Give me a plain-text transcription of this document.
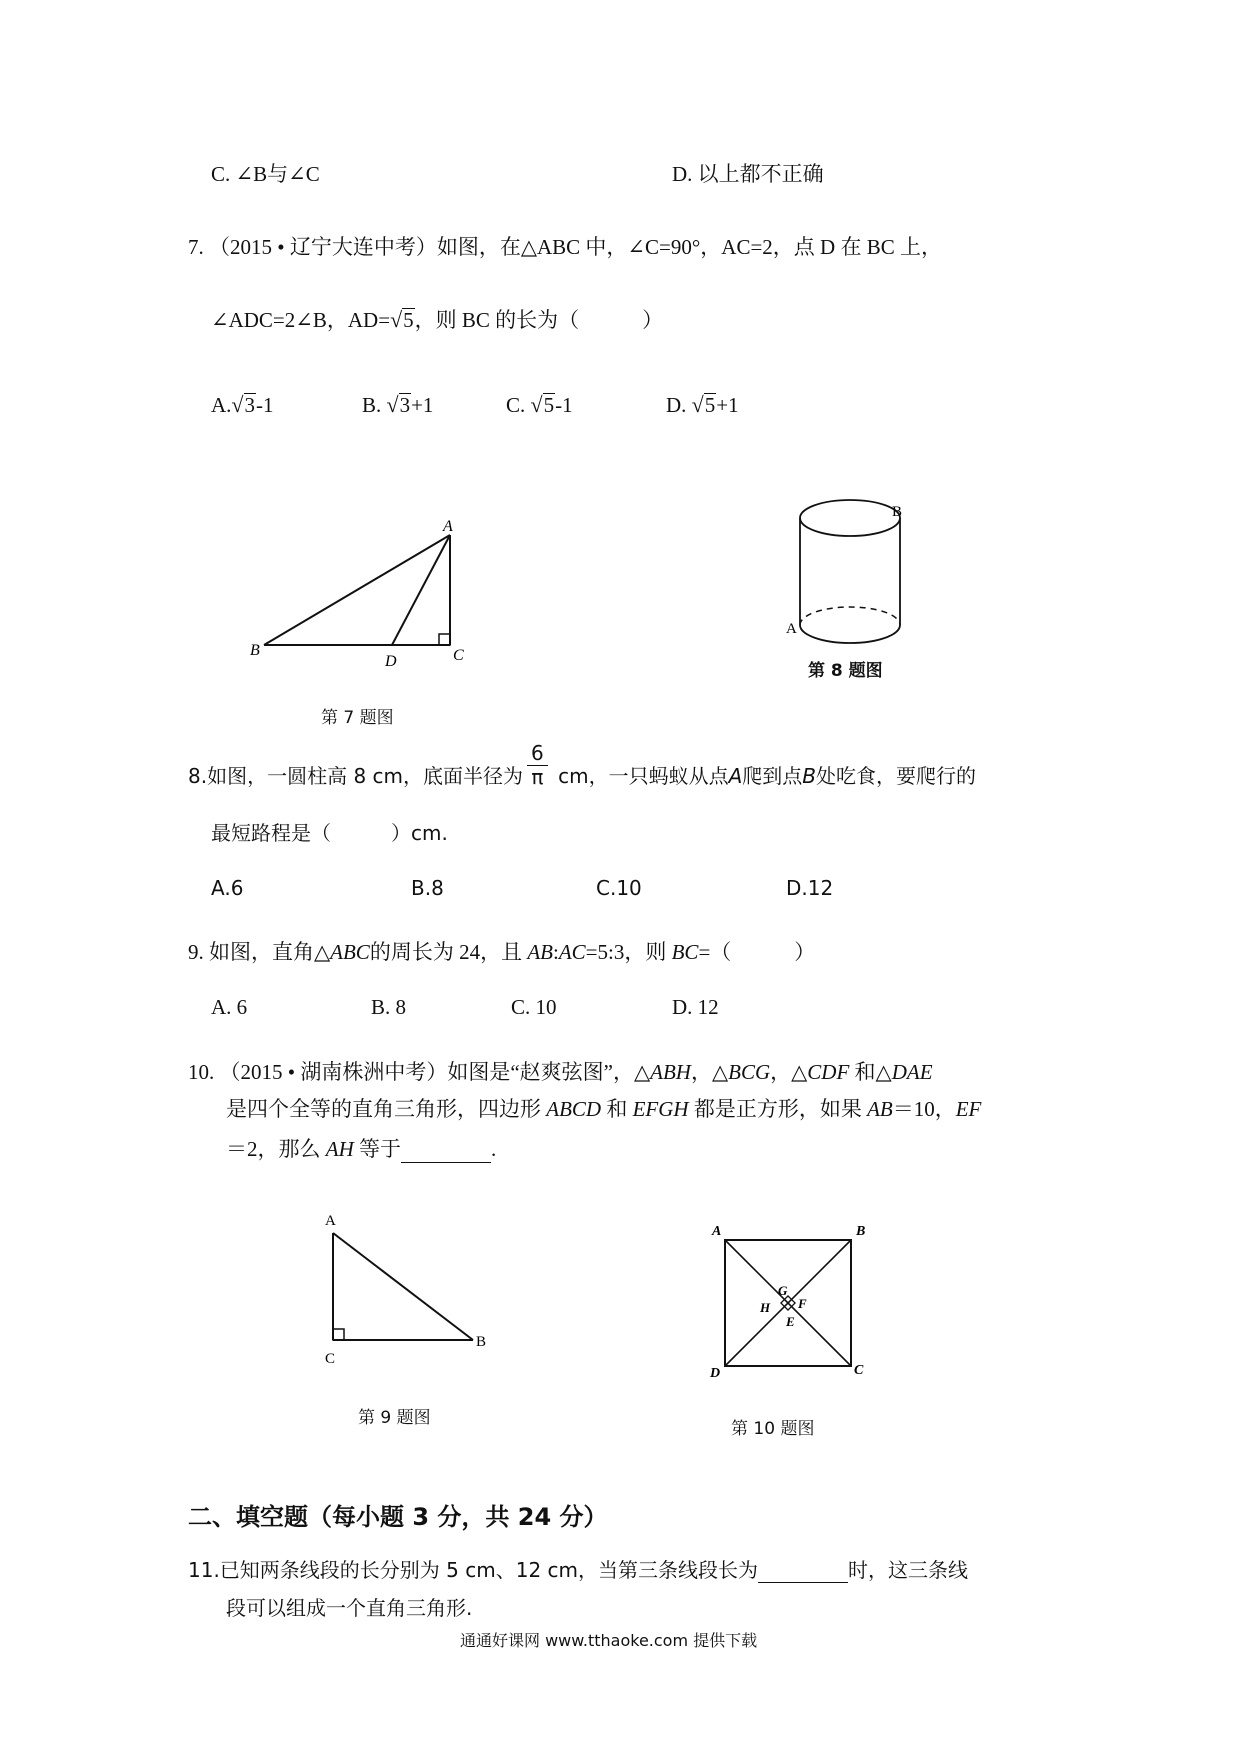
C. ∠B与∠C	D. 以上都不正确
7. （2015 • 辽宁大连中考）如图，在△ABC 中，∠C=90°，AC=2，点 D 在 BC 上，
∠ADC=2∠B，AD=√5，则 BC 的长为（　　　）
A.√3-1	B. √3+1	C. √5-1	D. √5+1
A
B
D	C
第 7 题图
B
A
第 8 题图
8.如图，一圆柱高 8 cm，底面半径为 $\frac{6}{\pi}$ cm，一只蚂蚁从点A爬到点B处吃食，要爬行的
最短路程是（　　　）cm.
A.6	B.8	C.10	D.12
9. 如图，直角△ABC的周长为 24，且 AB:AC=5:3，则 BC=（　　　）
A. 6	B. 8	C. 10	D. 12
10. （2015 • 湖南株洲中考）如图是“赵爽弦图”，△ABH，△BCG，△CDF 和△DAE
是四个全等的直角三角形，四边形 ABCD 和 EFGH 都是正方形，如果 AB＝10，EF
＝2，那么 AH 等于	.
A
B
C
第 9 题图
A	B
C
D
E
F
G
H
第 10 题图
二、填空题（每小题 3 分，共 24 分）
11.已知两条线段的长分别为 5 cm、12 cm，当第三条线段长为	时，这三条线
段可以组成一个直角三角形.
通通好课网 www.tthaoke.com 提供下载
